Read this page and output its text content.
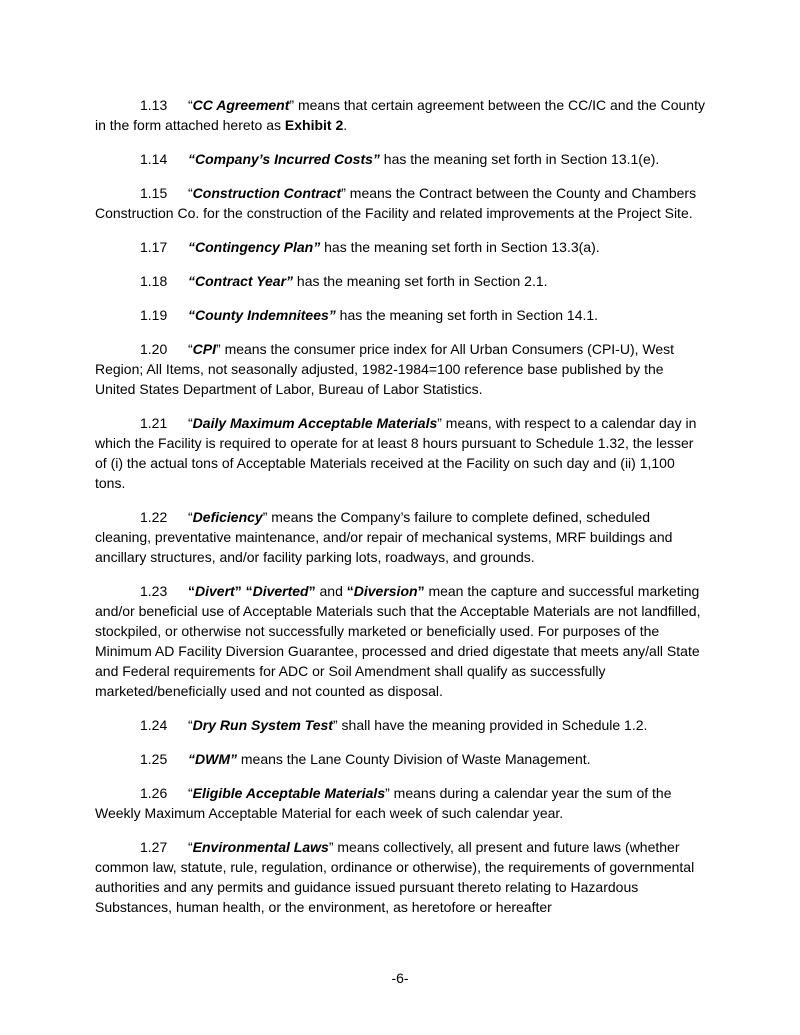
1.13 “CC Agreement” means that certain agreement between the CC/IC and the County in the form attached hereto as Exhibit 2.

1.14 “Company’s Incurred Costs” has the meaning set forth in Section 13.1(e).

1.15 “Construction Contract” means the Contract between the County and Chambers Construction Co. for the construction of the Facility and related improvements at the Project Site.

1.17 “Contingency Plan” has the meaning set forth in Section 13.3(a).

1.18 “Contract Year” has the meaning set forth in Section 2.1.

1.19 “County Indemnitees” has the meaning set forth in Section 14.1.

1.20 “CPI” means the consumer price index for All Urban Consumers (CPI-U), West Region; All Items, not seasonally adjusted, 1982-1984=100 reference base published by the United States Department of Labor, Bureau of Labor Statistics.

1.21 “Daily Maximum Acceptable Materials” means, with respect to a calendar day in which the Facility is required to operate for at least 8 hours pursuant to Schedule 1.32, the lesser of (i) the actual tons of Acceptable Materials received at the Facility on such day and (ii) 1,100 tons.

1.22 “Deficiency” means the Company’s failure to complete defined, scheduled cleaning, preventative maintenance, and/or repair of mechanical systems, MRF buildings and ancillary structures, and/or facility parking lots, roadways, and grounds.

1.23 “Divert” “Diverted” and “Diversion” mean the capture and successful marketing and/or beneficial use of Acceptable Materials such that the Acceptable Materials are not landfilled, stockpiled, or otherwise not successfully marketed or beneficially used. For purposes of the Minimum AD Facility Diversion Guarantee, processed and dried digestate that meets any/all State and Federal requirements for ADC or Soil Amendment shall qualify as successfully marketed/beneficially used and not counted as disposal.

1.24 “Dry Run System Test” shall have the meaning provided in Schedule 1.2.

1.25 “DWM” means the Lane County Division of Waste Management.

1.26 “Eligible Acceptable Materials” means during a calendar year the sum of the Weekly Maximum Acceptable Material for each week of such calendar year.

1.27 “Environmental Laws” means collectively, all present and future laws (whether common law, statute, rule, regulation, ordinance or otherwise), the requirements of governmental authorities and any permits and guidance issued pursuant thereto relating to Hazardous Substances, human health, or the environment, as heretofore or hereafter

-6-
